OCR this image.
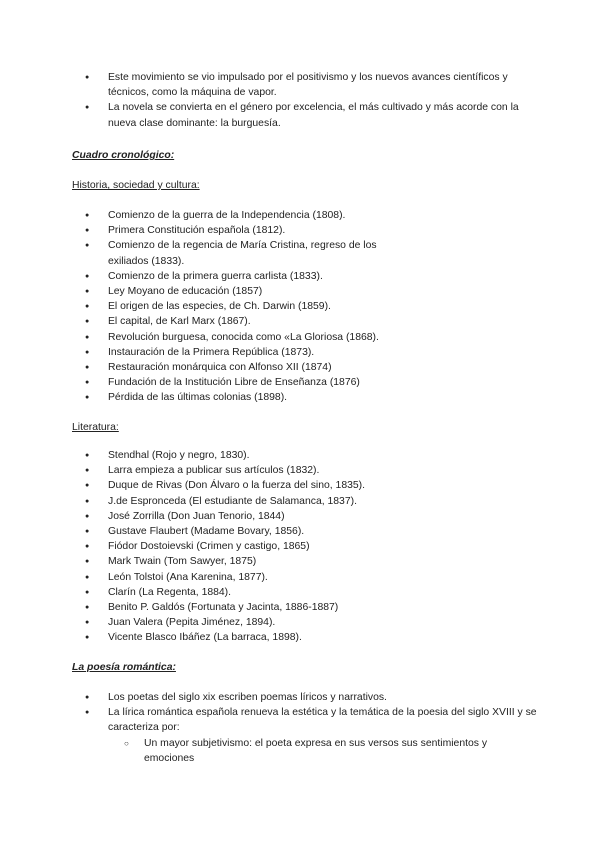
● Este movimiento se vio impulsado por el positivismo y los nuevos avances científicos y técnicos, como la máquina de vapor.
● La novela se convierta en el género por excelencia, el más cultivado y más acorde con la nueva clase dominante: la burguesía.
Cuadro cronológico:
Historia, sociedad y cultura:
● Comienzo de la guerra de la Independencia (1808).
● Primera Constitución española (1812).
● Comienzo de la regencia de María Cristina, regreso de los exiliados (1833).
● Comienzo de la primera guerra carlista (1833).
● Ley Moyano de educación (1857)
● El origen de las especies, de Ch. Darwin (1859).
● El capital, de Karl Marx (1867).
● Revolución burguesa, conocida como «La Gloriosa (1868).
● Instauración de la Primera República (1873).
● Restauración monárquica con Alfonso XII (1874)
● Fundación de la Institución Libre de Enseñanza (1876)
● Pérdida de las últimas colonias (1898).
Literatura:
● Stendhal (Rojo y negro, 1830).
● Larra empieza a publicar sus artículos (1832).
● Duque de Rivas (Don Álvaro o la fuerza del sino, 1835).
● J.de Espronceda (El estudiante de Salamanca, 1837).
● José Zorrilla (Don Juan Tenorio, 1844)
● Gustave Flaubert (Madame Bovary, 1856).
● Fiódor Dostoievski (Crimen y castigo, 1865)
● Mark Twain (Tom Sawyer, 1875)
● León Tolstoi (Ana Karenina, 1877).
● Clarín (La Regenta, 1884).
● Benito P. Galdós (Fortunata y Jacinta, 1886-1887)
● Juan Valera (Pepita Jiménez, 1894).
● Vicente Blasco Ibáñez (La barraca, 1898).
La poesía romántica:
● Los poetas del siglo xix escriben poemas líricos y narrativos.
● La lírica romántica española renueva la estética y la temática de la poesia del siglo XVIII y se caracteriza por:
○ Un mayor subjetivismo: el poeta expresa en sus versos sus sentimientos y emociones
